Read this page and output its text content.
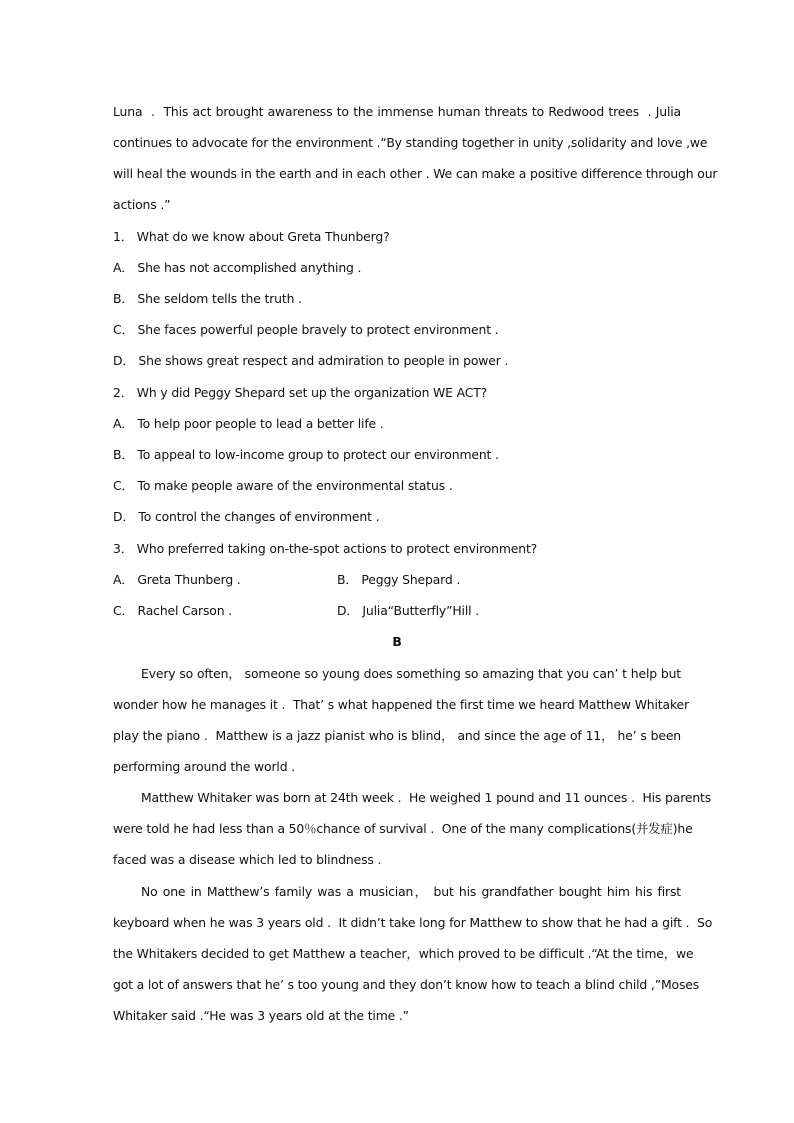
Luna  .  This act brought awareness to the immense human threats to Redwood trees  . Julia
continues to advocate for the environment .“By standing together in unity ,solidarity and love ,we
will heal the wounds in the earth and in each other . We can make a positive difference through our
actions .”
1． What do we know about Greta Thunberg?
A． She has not accomplished anything .
B． She seldom tells the truth .
C． She faces powerful people bravely to protect environment .
D． She shows great respect and admiration to people in power .
2． Wh y did Peggy Shepard set up the organization WE ACT?
A． To help poor people to lead a better life .
B． To appeal to low-income group to protect our environment .
C． To make people aware of the environmental status .
D． To control the changes of environment .
3． Who preferred taking on-the-spot actions to protect environment?
A． Greta Thunberg .	B． Peggy Shepard .
C． Rachel Carson .	D． Julia“Butterfly”Hill .
B
Every so often， someone so young does something so amazing that you can’ t help but
wonder how he manages it .  That’ s what happened the first time we heard Matthew Whitaker
play the piano .  Matthew is a jazz pianist who is blind， and since the age of 11， he’ s been
performing around the world .
Matthew Whitaker was born at 24th week .  He weighed 1 pound and 11 ounces .  His parents
were told he had less than a 50％chance of survival .  One of the many complications(并发症)he
faced was a disease which led to blindness .
No one in Matthew’s family was a musician， but his grandfather bought him his first
keyboard when he was 3 years old .  It didn’t take long for Matthew to show that he had a gift .  So
the Whitakers decided to get Matthew a teacher，which proved to be difficult .“At the time，we
got a lot of answers that he’ s too young and they don’t know how to teach a blind child ,”Moses
Whitaker said .“He was 3 years old at the time .”
